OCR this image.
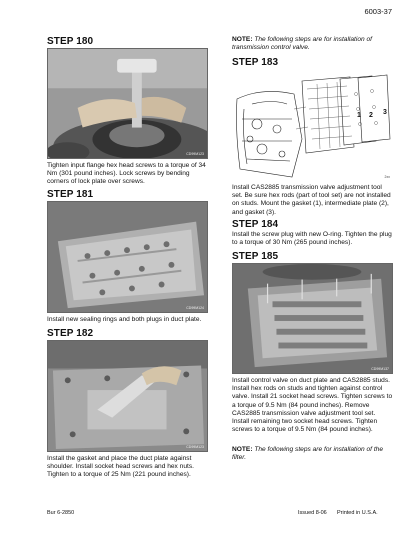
6003-37
STEP 180
CD99M123

Tighten input flange hex head screws to a torque of 34 Nm (301 pound inches). Lock screws by bending corners of lock plate over screws.

STEP 181
CD99M124

Install new sealing rings and both plugs in duct plate.

STEP 182
CD99M123

Install the gasket and place the duct plate against shoulder. Install socket head screws and hex nuts. Tighten to a torque of 25 Nm (221 pound inches).

NOTE: The following steps are for installation of transmission control valve.

STEP 183
1 2 3
2xx

Install CAS2885 transmission valve adjustment tool set. Be sure hex rods (part of tool set) are not installed on studs. Mount the gasket (1), intermediate plate (2), and gasket (3).

STEP 184

Install the screw plug with new O-ring. Tighten the plug to a torque of 30 Nm (265 pound inches).

STEP 185
CD99M137

Install control valve on duct plate and CAS2885 studs. Install hex rods on studs and tighten against control valve. Install 21 socket head screws. Tighten screws to a torque of 9.5 Nm (84 pound inches). Remove CAS2885 transmission valve adjustment tool set. Install remaining two socket head screws. Tighten screws to a torque of 9.5 Nm (84 pound inches).

NOTE: The following steps are for installation of the filter.

Bur 6-2850	Issued 8-06 Printed in U.S.A.
